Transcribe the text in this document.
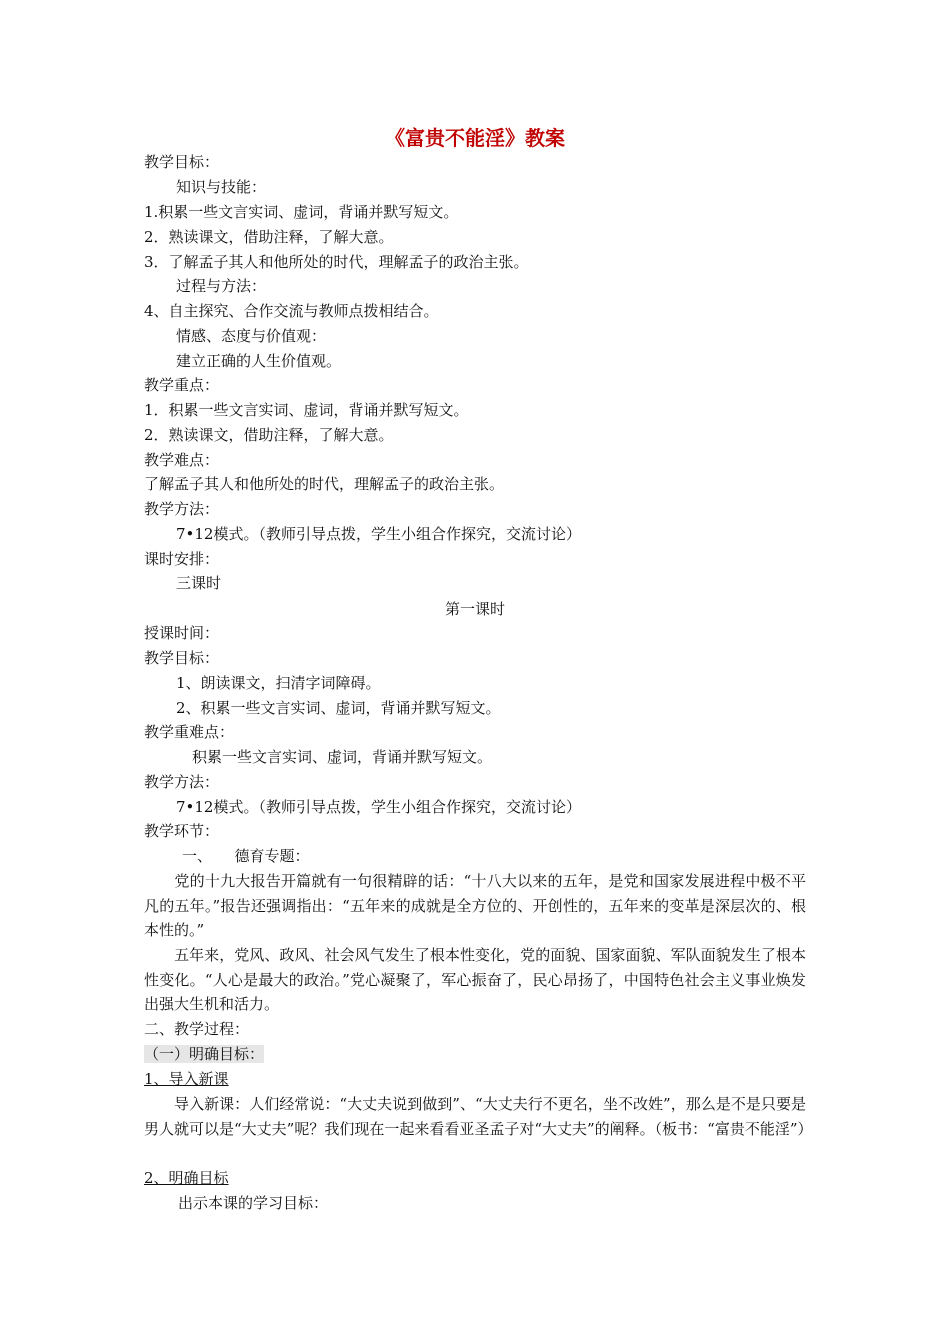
《富贵不能淫》教案
教学目标：
知识与技能：
1.积累一些文言实词、虚词，背诵并默写短文。
2．熟读课文，借助注释，了解大意。
3．了解孟子其人和他所处的时代，理解孟子的政治主张。
过程与方法：
4、自主探究、合作交流与教师点拨相结合。
情感、态度与价值观：
建立正确的人生价值观。
教学重点：
1．积累一些文言实词、虚词，背诵并默写短文。
2．熟读课文，借助注释，了解大意。
教学难点：
了解孟子其人和他所处的时代，理解孟子的政治主张。
教学方法：
7•12模式。（教师引导点拨，学生小组合作探究，交流讨论）
课时安排：
三课时
第一课时
授课时间：
教学目标：
1、朗读课文，扫清字词障碍。
2、积累一些文言实词、虚词，背诵并默写短文。
教学重难点：
积累一些文言实词、虚词，背诵并默写短文。
教学方法：
7•12模式。（教师引导点拨，学生小组合作探究，交流讨论）
教学环节：
一、　　德育专题：
　　党的十九大报告开篇就有一句很精辟的话：“十八大以来的五年，是党和国家发展进程中极不平凡的五年。”报告还强调指出：“五年来的成就是全方位的、开创性的，五年来的变革是深层次的、根本性的。”
　　五年来，党风、政风、社会风气发生了根本性变化，党的面貌、国家面貌、军队面貌发生了根本性变化。“人心是最大的政治。”党心凝聚了，军心振奋了，民心昂扬了，中国特色社会主义事业焕发出强大生机和活力。
二、教学过程：
（一）明确目标：
1、导入新课
　　导入新课：人们经常说：“大丈夫说到做到”、“大丈夫行不更名，坐不改姓”，那么是不是只要是男人就可以是“大丈夫”呢？我们现在一起来看看亚圣孟子对“大丈夫”的阐释。（板书：“富贵不能淫”）
2、明确目标
出示本课的学习目标：
